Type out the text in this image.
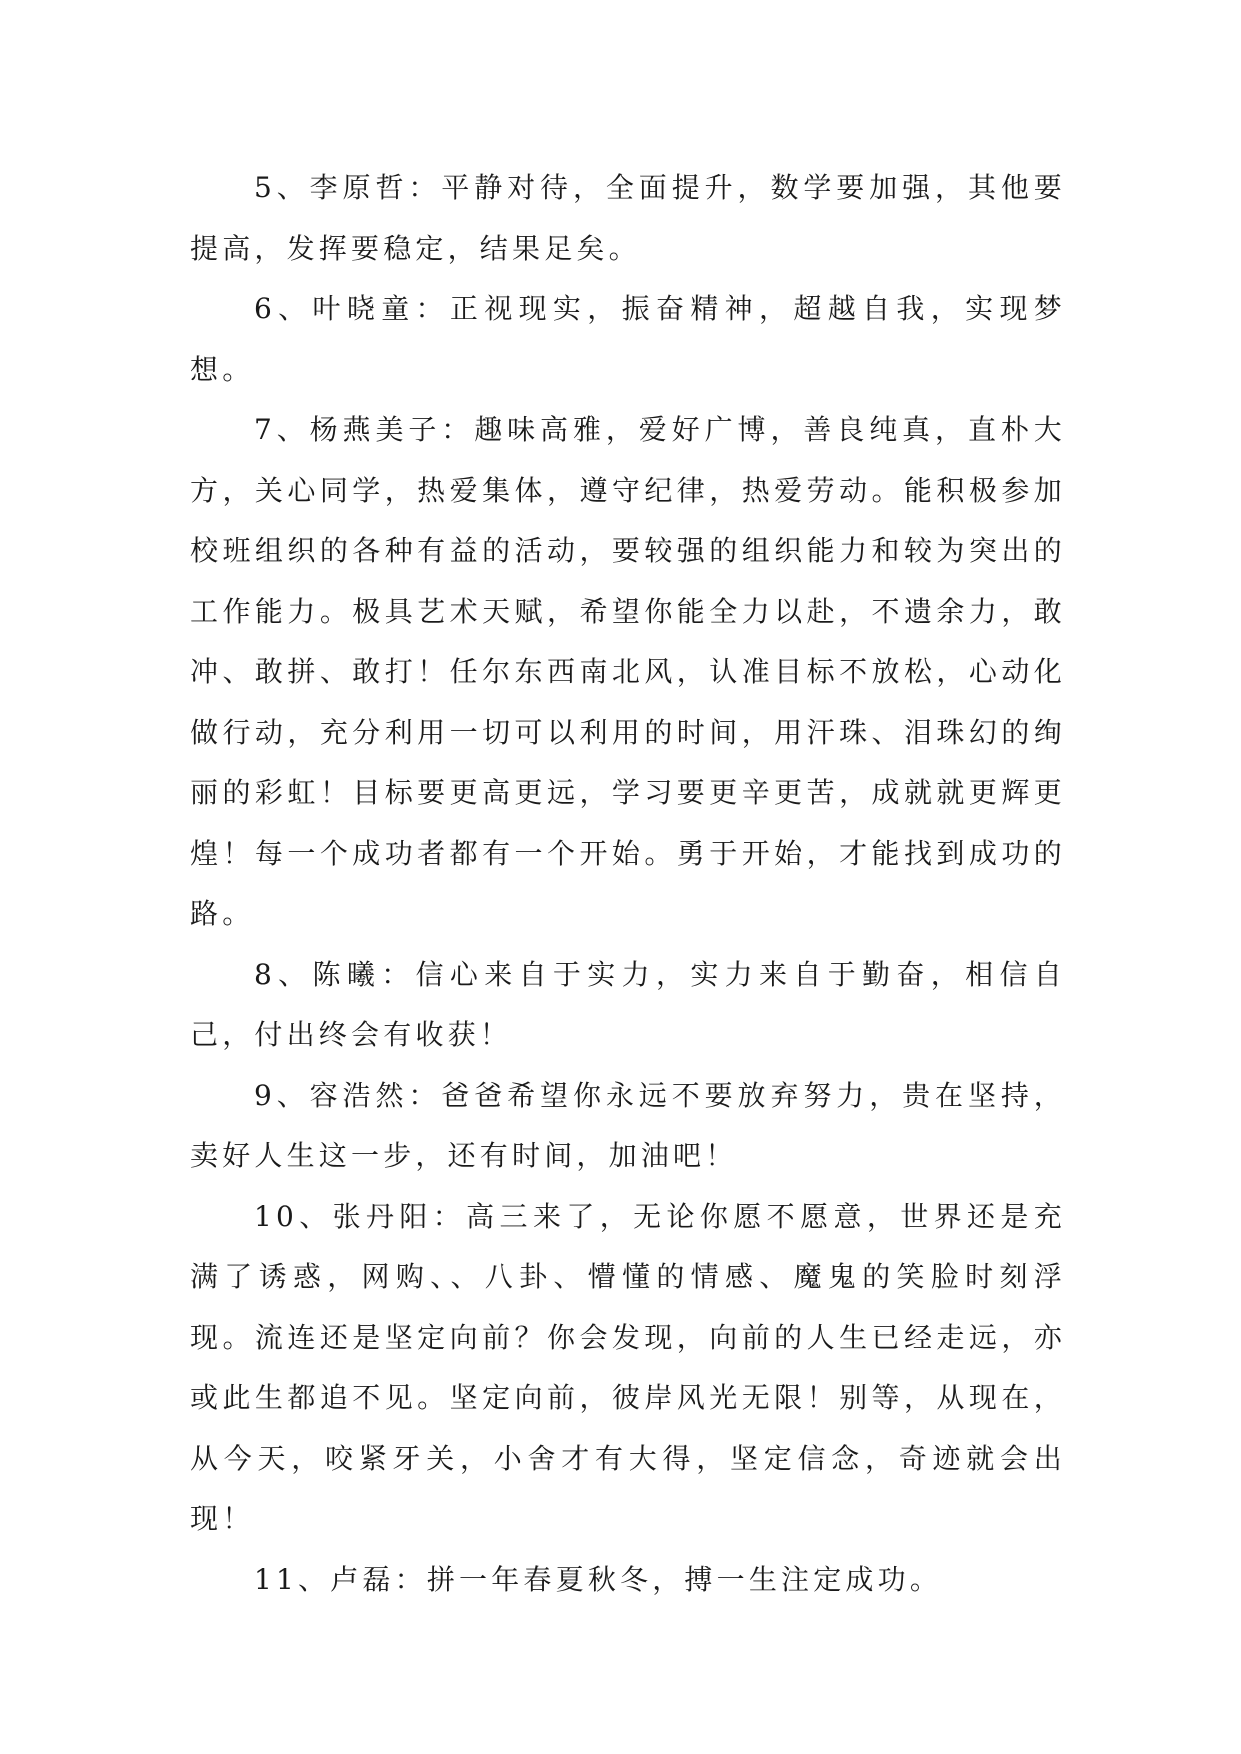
5、李原哲：平静对待，全面提升，数学要加强，其他要提高，发挥要稳定，结果足矣。

6、叶晓童：正视现实，振奋精神，超越自我，实现梦想。

7、杨燕美子：趣味高雅，爱好广博，善良纯真，直朴大方，关心同学，热爱集体，遵守纪律，热爱劳动。能积极参加校班组织的各种有益的活动，要较强的组织能力和较为突出的工作能力。极具艺术天赋，希望你能全力以赴，不遗余力，敢冲、敢拼、敢打！任尔东西南北风，认准目标不放松，心动化做行动，充分利用一切可以利用的时间，用汗珠、泪珠幻的绚丽的彩虹！目标要更高更远，学习要更辛更苦，成就就更辉更煌！每一个成功者都有一个开始。勇于开始，才能找到成功的路。

8、陈曦：信心来自于实力，实力来自于勤奋，相信自己，付出终会有收获！

9、容浩然：爸爸希望你永远不要放弃努力，贵在坚持，卖好人生这一步，还有时间，加油吧！

10、张丹阳：高三来了，无论你愿不愿意，世界还是充满了诱惑，网购、、八卦、懵懂的情感、魔鬼的笑脸时刻浮现。流连还是坚定向前？你会发现，向前的人生已经走远，亦或此生都追不见。坚定向前，彼岸风光无限！别等，从现在，从今天，咬紧牙关，小舍才有大得，坚定信念，奇迹就会出现！

11、卢磊：拼一年春夏秋冬，搏一生注定成功。
